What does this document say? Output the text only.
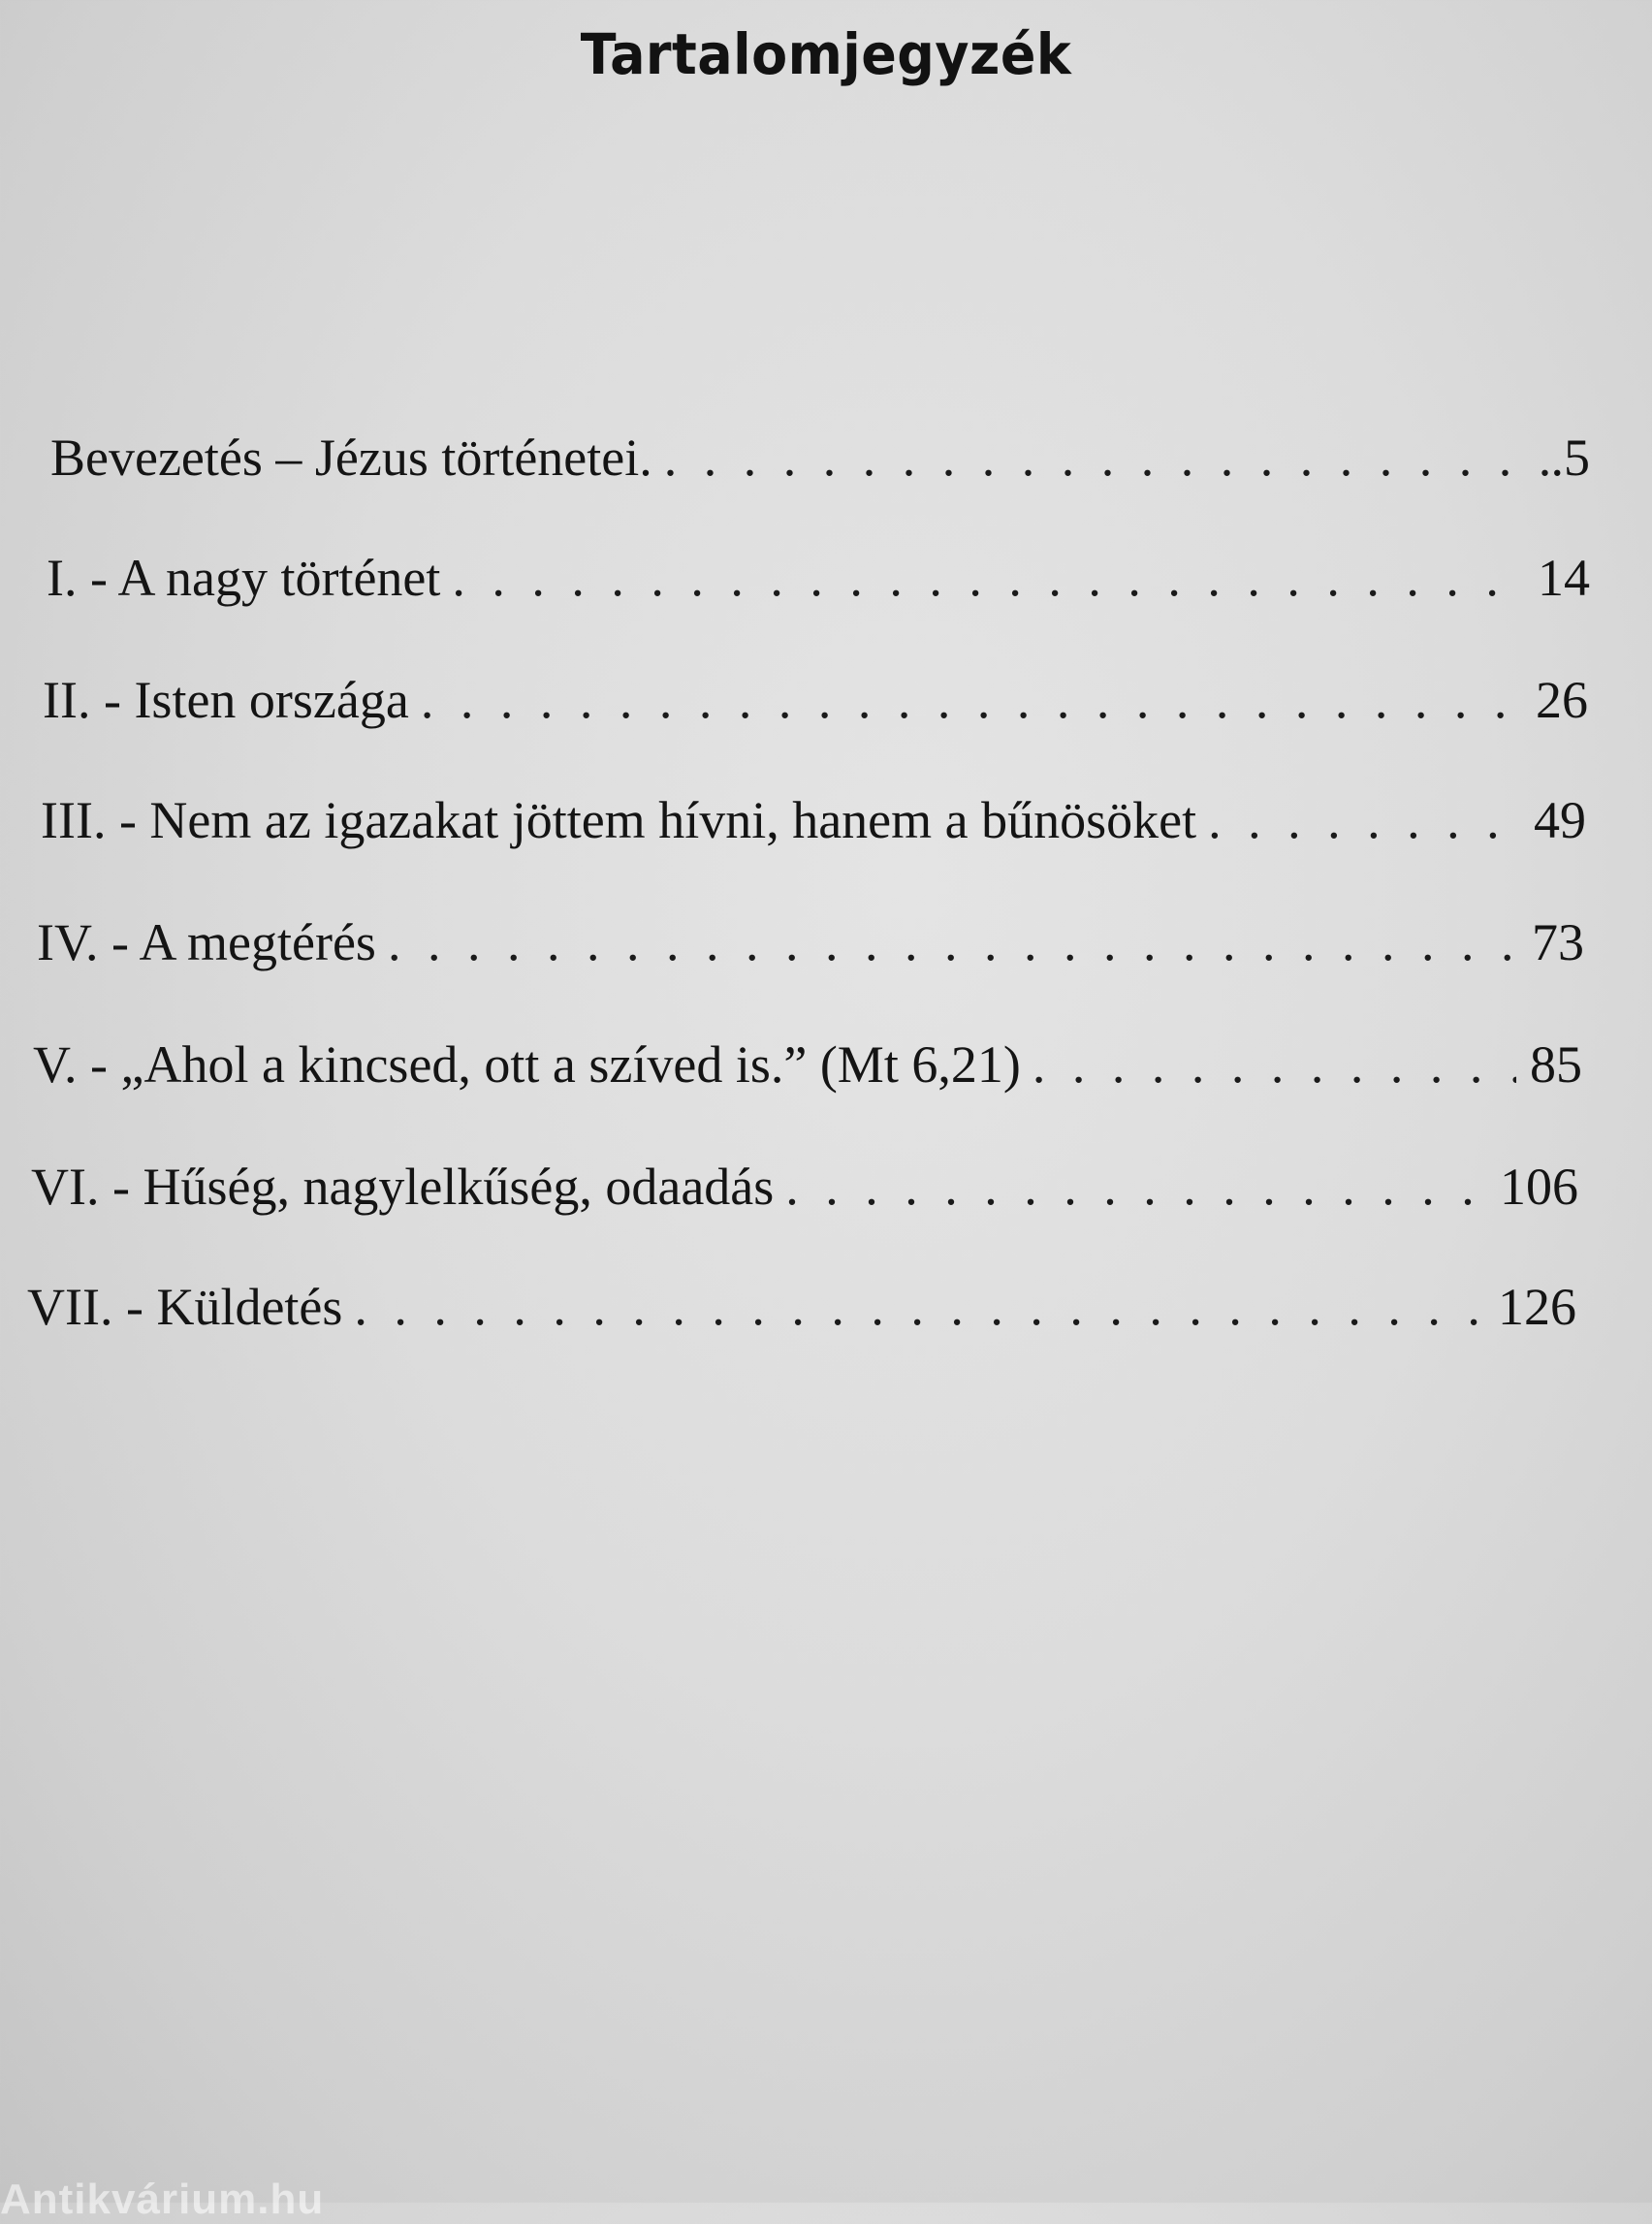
Tartalomjegyzék
Bevezetés – Jézus történetei. . . .	.5
I. - A nagy történet . . .	14
II. - Isten országa . . .	26
III. - Nem az igazakat jöttem hívni, hanem a bűnösöket . . .	49
IV. - A megtérés . . .	73
V. - „Ahol a kincsed, ott a szíved is.” (Mt 6,21) . . .	85
VI. - Hűség, nagylelkűség, odaadás . . .	106
VII. - Küldetés . . .	126
Antikvárium.hu
